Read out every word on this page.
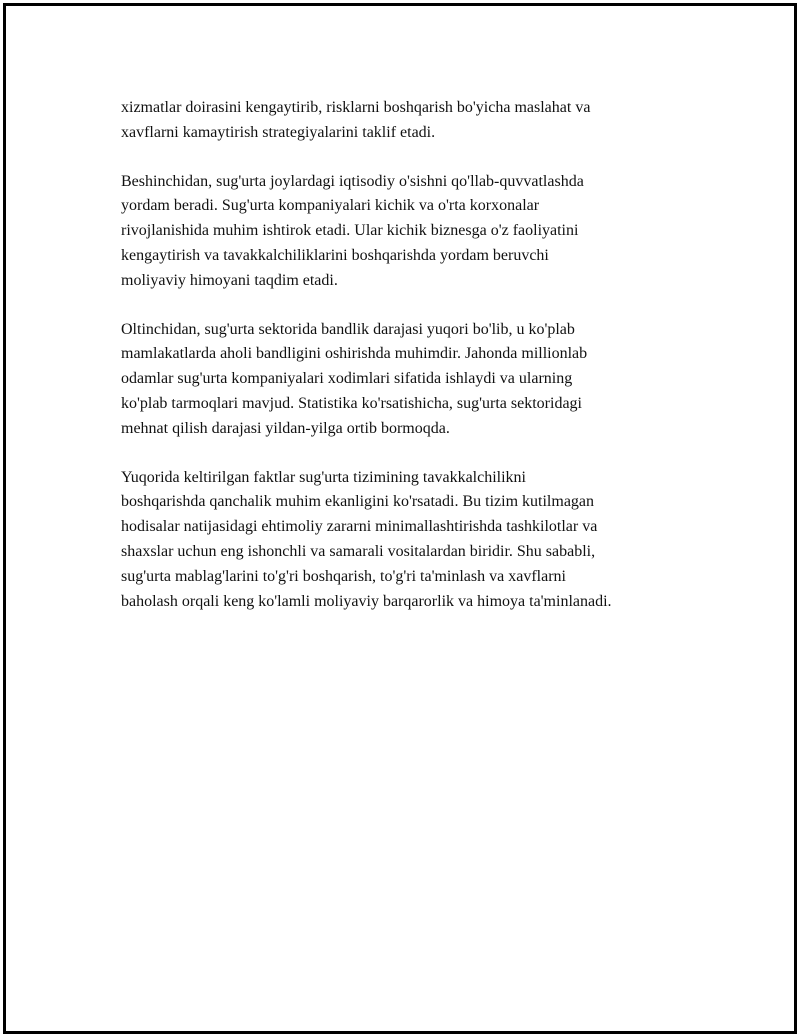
xizmatlar doirasini kengaytirib, risklarni boshqarish bo'yicha maslahat va
xavflarni kamaytirish strategiyalarini taklif etadi.

Beshinchidan, sug'urta joylardagi iqtisodiy o'sishni qo'llab-quvvatlashda
yordam beradi. Sug'urta kompaniyalari kichik va o'rta korxonalar
rivojlanishida muhim ishtirok etadi. Ular kichik biznesga o'z faoliyatini
kengaytirish va tavakkalchiliklarini boshqarishda yordam beruvchi
moliyaviy himoyani taqdim etadi.

Oltinchidan, sug'urta sektorida bandlik darajasi yuqori bo'lib, u ko'plab
mamlakatlarda aholi bandligini oshirishda muhimdir. Jahonda millionlab
odamlar sug'urta kompaniyalari xodimlari sifatida ishlaydi va ularning
ko'plab tarmoqlari mavjud. Statistika ko'rsatishicha, sug'urta sektoridagi
mehnat qilish darajasi yildan-yilga ortib bormoqda.

Yuqorida keltirilgan faktlar sug'urta tizimining tavakkalchilikni
boshqarishda qanchalik muhim ekanligini ko'rsatadi. Bu tizim kutilmagan
hodisalar natijasidagi ehtimoliy zararni minimallashtirishda tashkilotlar va
shaxslar uchun eng ishonchli va samarali vositalardan biridir. Shu sababli,
sug'urta mablag'larini to'g'ri boshqarish, to'g'ri ta'minlash va xavflarni
baholash orqali keng ko'lamli moliyaviy barqarorlik va himoya ta'minlanadi.
